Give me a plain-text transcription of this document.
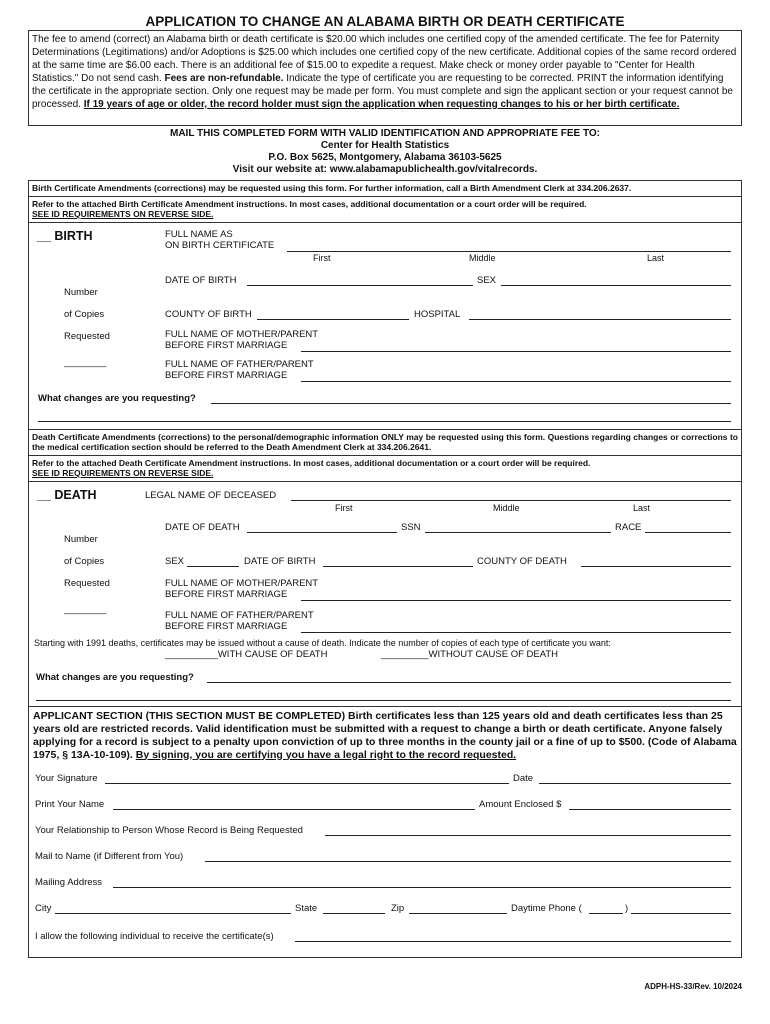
APPLICATION TO CHANGE AN ALABAMA BIRTH OR DEATH CERTIFICATE
The fee to amend (correct) an Alabama birth or death certificate is $20.00 which includes one certified copy of the amended certificate. The fee for Paternity Determinations (Legitimations) and/or Adoptions is $25.00 which includes one certified copy of the new certificate. Additional copies of the same record ordered at the same time are $6.00 each. There is an additional fee of $15.00 to expedite a request. Make check or money order payable to "Center for Health Statistics." Do not send cash. Fees are non-refundable. Indicate the type of certificate you are requesting to be corrected. PRINT the information identifying the certificate in the appropriate section. Only one request may be made per form. You must complete and sign the applicant section or your request cannot be processed. If 19 years of age or older, the record holder must sign the application when requesting changes to his or her birth certificate.
MAIL THIS COMPLETED FORM WITH VALID IDENTIFICATION AND APPROPRIATE FEE TO:
Center for Health Statistics
P.O. Box 5625, Montgomery, Alabama 36103-5625
Visit our website at: www.alabamapublichealth.gov/vitalrecords.
Birth Certificate Amendments (corrections) may be requested using this form. For further information, call a Birth Amendment Clerk at 334.206.2637.
Refer to the attached Birth Certificate Amendment instructions. In most cases, additional documentation or a court order will be required.
SEE ID REQUIREMENTS ON REVERSE SIDE.
__ BIRTH	FULL NAME AS
ON BIRTH CERTIFICATE
First	Middle	Last
DATE OF BIRTH	SEX
Number
of Copies
Requested
________
COUNTY OF BIRTH	HOSPITAL
FULL NAME OF MOTHER/PARENT
BEFORE FIRST MARRIAGE
FULL NAME OF FATHER/PARENT
BEFORE FIRST MARRIAGE
What changes are you requesting?
Death Certificate Amendments (corrections) to the personal/demographic information ONLY may be requested using this form. Questions regarding changes or corrections to the medical certification section should be referred to the Death Amendment Clerk at 334.206.2641.
Refer to the attached Death Certificate Amendment instructions. In most cases, additional documentation or a court order will be required.
SEE ID REQUIREMENTS ON REVERSE SIDE.
__ DEATH	LEGAL NAME OF DECEASED
First	Middle	Last
DATE OF DEATH	SSN	RACE
Number
of Copies
Requested
________
SEX	DATE OF BIRTH	COUNTY OF DEATH
FULL NAME OF MOTHER/PARENT
BEFORE FIRST MARRIAGE
FULL NAME OF FATHER/PARENT
BEFORE FIRST MARRIAGE
Starting with 1991 deaths, certificates may be issued without a cause of death. Indicate the number of copies of each type of certificate you want:
__________WITH CAUSE OF DEATH	_________WITHOUT CAUSE OF DEATH
What changes are you requesting?
APPLICANT SECTION (THIS SECTION MUST BE COMPLETED) Birth certificates less than 125 years old and death certificates less than 25 years old are restricted records. Valid identification must be submitted with a request to change a birth or death certificate. Anyone falsely applying for a record is subject to a penalty upon conviction of up to three months in the county jail or a fine of up to $500. (Code of Alabama 1975, § 13A-10-109). By signing, you are certifying you have a legal right to the record requested.
Your Signature	Date
Print Your Name	Amount Enclosed $
Your Relationship to Person Whose Record is Being Requested
Mail to Name (if Different from You)
Mailing Address
City	State	Zip	Daytime Phone (	)
I allow the following individual to receive the certificate(s)
ADPH-HS-33/Rev. 10/2024
